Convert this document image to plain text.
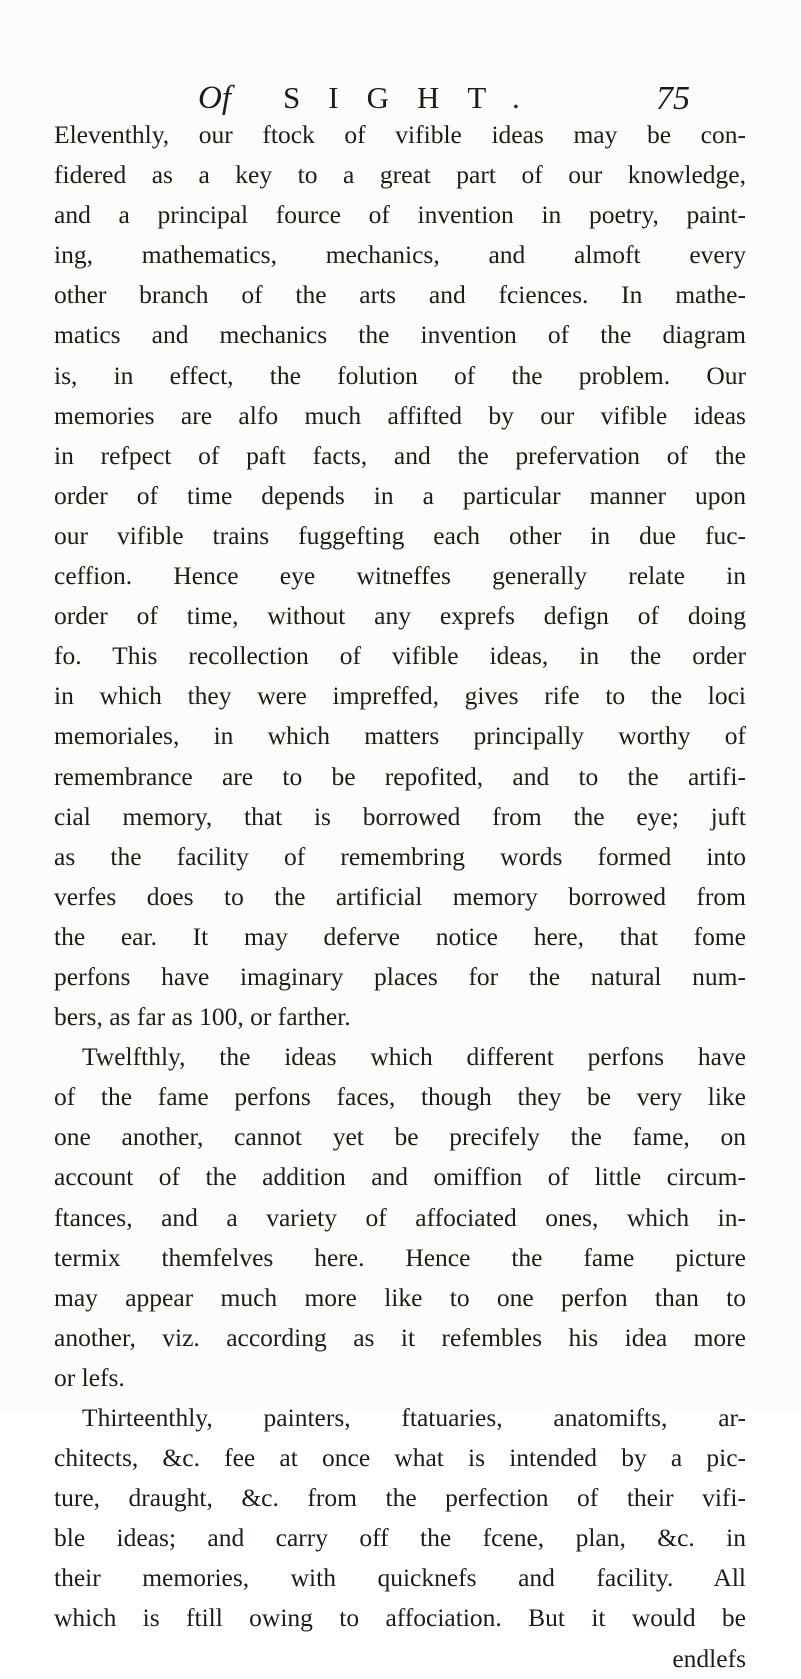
Of SIGHT.	75
Eleventhly, our ftock of vifible ideas may be con-
fidered as a key to a great part of our knowledge,
and a principal fource of invention in poetry, paint-
ing, mathematics, mechanics, and almoft every
other branch of the arts and fciences. In mathe-
matics and mechanics the invention of the diagram
is, in effect, the folution of the problem. Our
memories are alfo much affifted by our vifible ideas
in refpect of paft facts, and the prefervation of the
order of time depends in a particular manner upon
our vifible trains fuggefting each other in due fuc-
ceffion. Hence eye witneffes generally relate in
order of time, without any exprefs defign of doing
fo. This recollection of vifible ideas, in the order
in which they were impreffed, gives rife to the loci
memoriales, in which matters principally worthy of
remembrance are to be repofited, and to the artifi-
cial memory, that is borrowed from the eye; juft
as the facility of remembring words formed into
verfes does to the artificial memory borrowed from
the ear. It may deferve notice here, that fome
perfons have imaginary places for the natural num-
bers, as far as 100, or farther.
Twelfthly, the ideas which different perfons have
of the fame perfons faces, though they be very like
one another, cannot yet be precifely the fame, on
account of the addition and omiffion of little circum-
ftances, and a variety of affociated ones, which in-
termix themfelves here. Hence the fame picture
may appear much more like to one perfon than to
another, viz. according as it refembles his idea more
or lefs.
Thirteenthly, painters, ftatuaries, anatomifts, ar-
chitects, &c. fee at once what is intended by a pic-
ture, draught, &c. from the perfection of their vifi-
ble ideas; and carry off the fcene, plan, &c. in
their memories, with quicknefs and facility. All
which is ftill owing to affociation. But it would be
endlefs
